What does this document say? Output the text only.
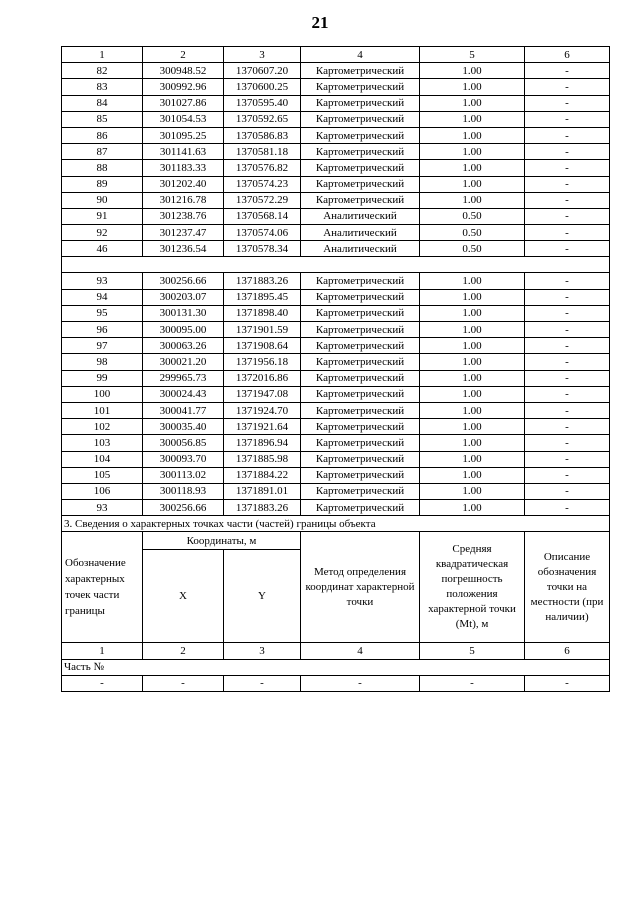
21
1	2	3	4	5	6
82	300948.52	1370607.20	Картометрический	1.00	-
83	300992.96	1370600.25	Картометрический	1.00	-
84	301027.86	1370595.40	Картометрический	1.00	-
85	301054.53	1370592.65	Картометрический	1.00	-
86	301095.25	1370586.83	Картометрический	1.00	-
87	301141.63	1370581.18	Картометрический	1.00	-
88	301183.33	1370576.82	Картометрический	1.00	-
89	301202.40	1370574.23	Картометрический	1.00	-
90	301216.78	1370572.29	Картометрический	1.00	-
91	301238.76	1370568.14	Аналитический	0.50	-
92	301237.47	1370574.06	Аналитический	0.50	-
46	301236.54	1370578.34	Аналитический	0.50	-

93	300256.66	1371883.26	Картометрический	1.00	-
94	300203.07	1371895.45	Картометрический	1.00	-
95	300131.30	1371898.40	Картометрический	1.00	-
96	300095.00	1371901.59	Картометрический	1.00	-
97	300063.26	1371908.64	Картометрический	1.00	-
98	300021.20	1371956.18	Картометрический	1.00	-
99	299965.73	1372016.86	Картометрический	1.00	-
100	300024.43	1371947.08	Картометрический	1.00	-
101	300041.77	1371924.70	Картометрический	1.00	-
102	300035.40	1371921.64	Картометрический	1.00	-
103	300056.85	1371896.94	Картометрический	1.00	-
104	300093.70	1371885.98	Картометрический	1.00	-
105	300113.02	1371884.22	Картометрический	1.00	-
106	300118.93	1371891.01	Картометрический	1.00	-
93	300256.66	1371883.26	Картометрический	1.00	-
3. Сведения о характерных точках части (частей) границы объекта					
Обозначение характерных точек части границы	Координаты, м		Метод определения координат характерной точки	Средняя квадратическая погрешность положения характерной точки (Mt), м	Описание обозначения точки на местности (при наличии)
	X	Y			
1	2	3	4	5	6
Часть №					
-	-	-	-	-	-
